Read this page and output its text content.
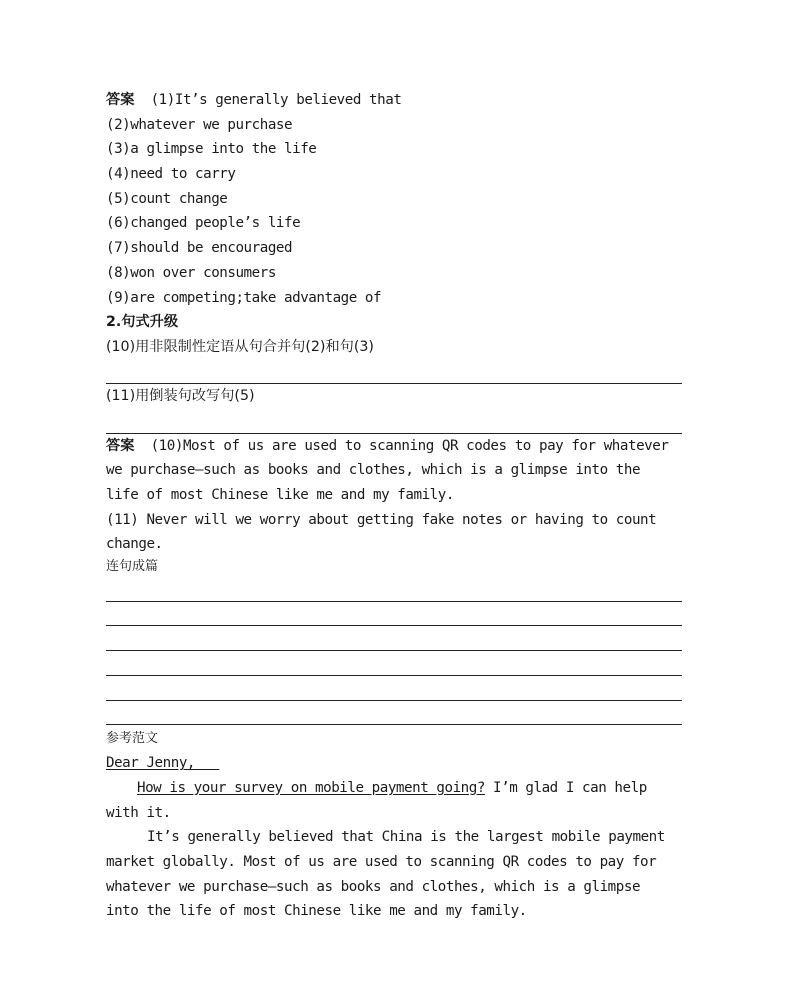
答案 (1)It’s generally believed that
(2)whatever we purchase
(3)a glimpse into the life
(4)need to carry
(5)count change
(6)changed people’s life
(7)should be encouraged
(8)won over consumers
(9)are competing;take advantage of
2.句式升级
(10)用非限制性定语从句合并句(2)和句(3)
(11)用倒装句改写句(5)
答案 (10)Most of us are used to scanning QR codes to pay for whatever
we purchase—such as books and clothes, which is a glimpse into the
life of most Chinese like me and my family.
(11) Never will we worry about getting fake notes or having to count
change.
连句成篇
参考范文
Dear Jenny,
How is your survey on mobile payment going? I’m glad I can help
with it.
It’s generally believed that China is the largest mobile payment
market globally. Most of us are used to scanning QR codes to pay for
whatever we purchase—such as books and clothes, which is a glimpse
into the life of most Chinese like me and my family.
